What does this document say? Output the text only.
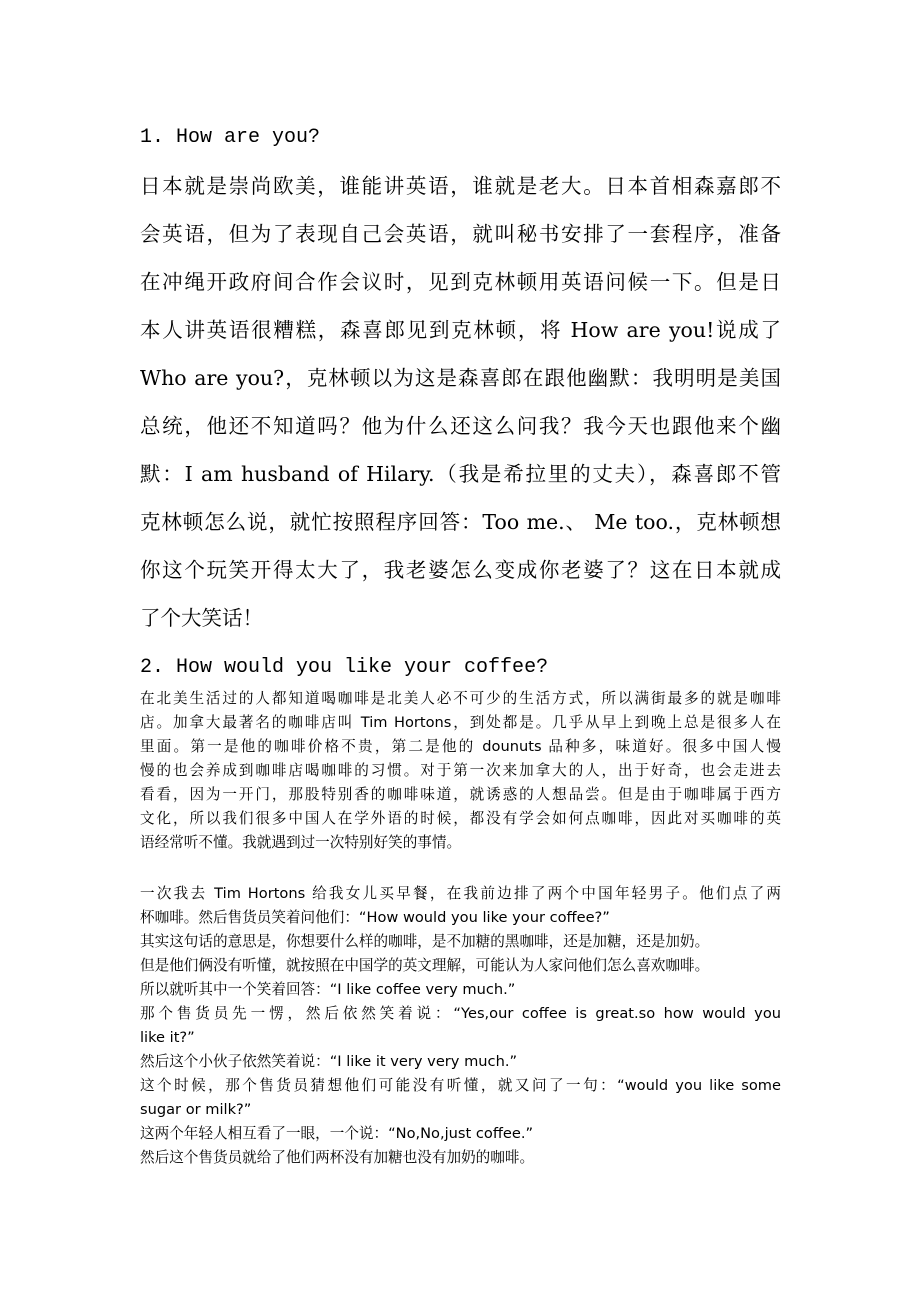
1. How are you?
日本就是崇尚欧美，谁能讲英语，谁就是老大。日本首相森嘉郎不
会英语，但为了表现自己会英语，就叫秘书安排了一套程序，准备
在冲绳开政府间合作会议时，见到克林顿用英语问候一下。但是日
本人讲英语很糟糕，森喜郎见到克林顿，将 How are you!说成了
Who are you?，克林顿以为这是森喜郎在跟他幽默：我明明是美国
总统，他还不知道吗？他为什么还这么问我？我今天也跟他来个幽
默：I am husband of Hilary.（我是希拉里的丈夫），森喜郎不管
克林顿怎么说，就忙按照程序回答：Too me.、 Me too.，克林顿想
你这个玩笑开得太大了，我老婆怎么变成你老婆了？这在日本就成
了个大笑话！
2. How would you like your coffee?
在北美生活过的人都知道喝咖啡是北美人必不可少的生活方式，所以满街最多的就是咖啡
店。加拿大最著名的咖啡店叫 Tim Hortons，到处都是。几乎从早上到晚上总是很多人在
里面。第一是他的咖啡价格不贵，第二是他的 dounuts 品种多，味道好。很多中国人慢
慢的也会养成到咖啡店喝咖啡的习惯。对于第一次来加拿大的人，出于好奇，也会走进去
看看，因为一开门，那股特别香的咖啡味道，就诱惑的人想品尝。但是由于咖啡属于西方
文化，所以我们很多中国人在学外语的时候，都没有学会如何点咖啡，因此对买咖啡的英
语经常听不懂。我就遇到过一次特别好笑的事情。
一次我去 Tim Hortons 给我女儿买早餐，在我前边排了两个中国年轻男子。他们点了两
杯咖啡。然后售货员笑着问他们：“How would you like your coffee?”
其实这句话的意思是，你想要什么样的咖啡，是不加糖的黑咖啡，还是加糖，还是加奶。
但是他们俩没有听懂，就按照在中国学的英文理解，可能认为人家问他们怎么喜欢咖啡。
所以就听其中一个笑着回答：“I like coffee very much.”
那个售货员先一愣，然后依然笑着说：“Yes,our coffee is great.so how would you
like it?”
然后这个小伙子依然笑着说：“I like it very very much.”
这个时候，那个售货员猜想他们可能没有听懂，就又问了一句：“would you like some
sugar or milk?”
这两个年轻人相互看了一眼，一个说：“No,No,just coffee.”
然后这个售货员就给了他们两杯没有加糖也没有加奶的咖啡。
